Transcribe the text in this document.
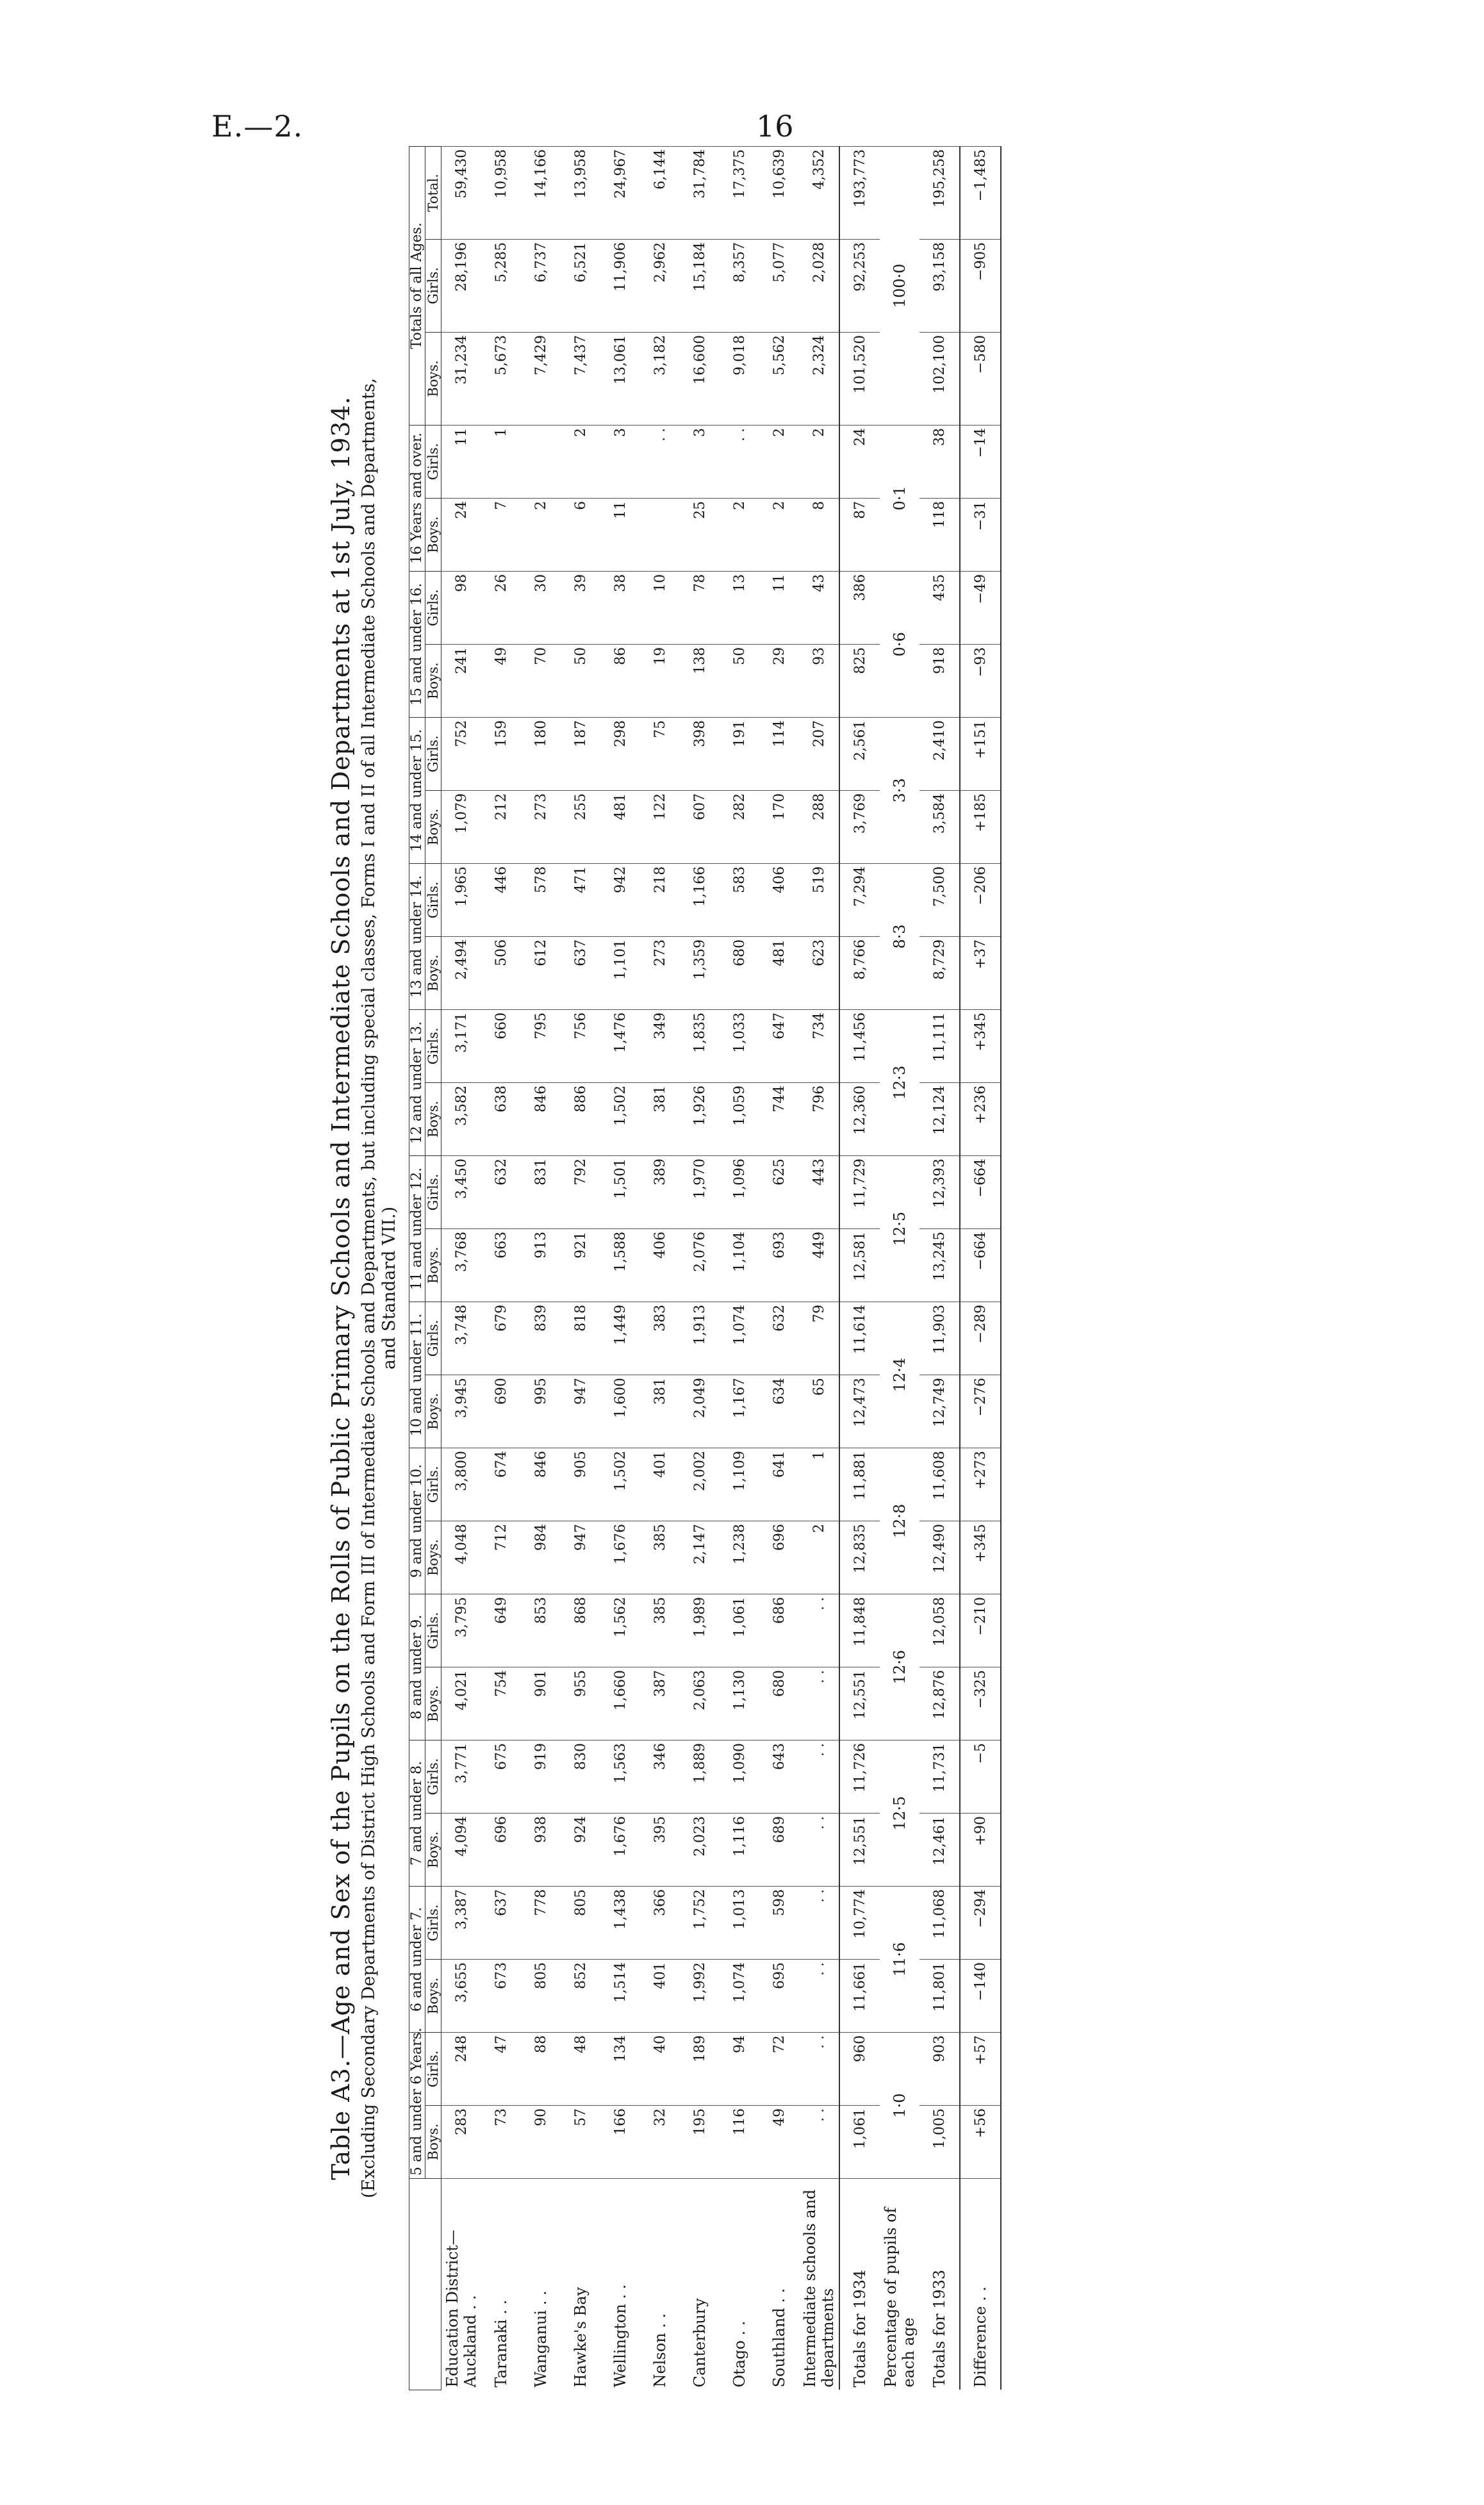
E.—2.	16
Table A3.—Age and Sex of the Pupils on the Rolls of Public Primary Schools and Intermediate Schools and Departments at 1st July, 1934. (Excluding Secondary Departments of District High Schools and Form III of Intermediate Schools and Departments, but including special classes, Forms I and II of all Intermediate Schools and Departments, and Standard VII.)
	5 and under 6 Years.		6 and under 7.		7 and under 8.		8 and under 9.		9 and under 10.		10 and under 11.		11 and under 12.		12 and under 13.		13 and under 14.		14 and under 15.		15 and under 16.		16 Years and over.		Totals of all Ages.		
	Boys.	Girls.	Boys.	Girls.	Boys.	Girls.	Boys.	Girls.	Boys.	Girls.	Boys.	Girls.	Boys.	Girls.	Boys.	Girls.	Boys.	Girls.	Boys.	Girls.	Boys.	Girls.	Boys.	Girls.	Boys.	Girls.	Total.

Education District— Auckland . .	283	248	3,655	3,387	4,094	3,771	4,021	3,795	4,048	3,800	3,945	3,748	3,768	3,450	3,582	3,171	2,494	1,965	1,079	752	241	98	24	11	31,234	28,196	59,430

Taranaki . .	73	47	673	637	696	675	754	649	712	674	690	679	663	632	638	660	506	446	212	159	49	26	7	1	5,673	5,285	10,958

Wanganui . .	90	88	805	778	938	919	901	853	984	846	995	839	913	831	846	795	612	578	273	180	70	30	2		7,429	6,737	14,166

Hawke's Bay	57	48	852	805	924	830	955	868	947	905	947	818	921	792	886	756	637	471	255	187	50	39	6	2	7,437	6,521	13,958

Wellington . .	166	134	1,514	1,438	1,676	1,563	1,660	1,562	1,676	1,502	1,600	1,449	1,588	1,501	1,502	1,476	1,101	942	481	298	86	38	11	3	13,061	11,906	24,967

Nelson . .	32	40	401	366	395	346	387	385	385	401	381	383	406	389	381	349	273	218	122	75	19	10		. .	3,182	2,962	6,144

Canterbury	195	189	1,992	1,752	2,023	1,889	2,063	1,989	2,147	2,002	2,049	1,913	2,076	1,970	1,926	1,835	1,359	1,166	607	398	138	78	25	3	16,600	15,184	31,784

Otago . .	116	94	1,074	1,013	1,116	1,090	1,130	1,061	1,238	1,109	1,167	1,074	1,104	1,096	1,059	1,033	680	583	282	191	50	13	2	. .	9,018	8,357	17,375

Southland . .	49	72	695	598	689	643	680	686	696	641	634	632	693	625	744	647	481	406	170	114	29	11	2	2	5,562	5,077	10,639

Intermediate schools and departments	. .	. .	. .	. .	. .	. .	. .	. .	2	1	65	79	449	443	796	734	623	519	288	207	93	43	8	2	2,324	2,028	4,352

Totals for 1934	1,061	960	11,661	10,774	12,551	11,726	12,551	11,848	12,835	11,881	12,473	11,614	12,581	11,729	12,360	11,456	8,766	7,294	3,769	2,561	825	386	87	24	101,520	92,253	193,773

Percentage of pupils of each age	1·0		11·6		12·5		12·6		12·8		12·4		12·5		12·3		8·3		3·3		0·6		0·1		100·0		

Totals for 1933	1,005	903	11,801	11,068	12,461	11,731	12,876	12,058	12,490	11,608	12,749	11,903	13,245	12,393	12,124	11,111	8,729	7,500	3,584	2,410	918	435	118	38	102,100	93,158	195,258

Difference . .	+56	+57	−140	−294	+90	−5	−325	−210	+345	+273	−276	−289	−664	−664	+236	+345	+37	−206	+185	+151	−93	−49	−31	−14	−580	−905	−1,485
